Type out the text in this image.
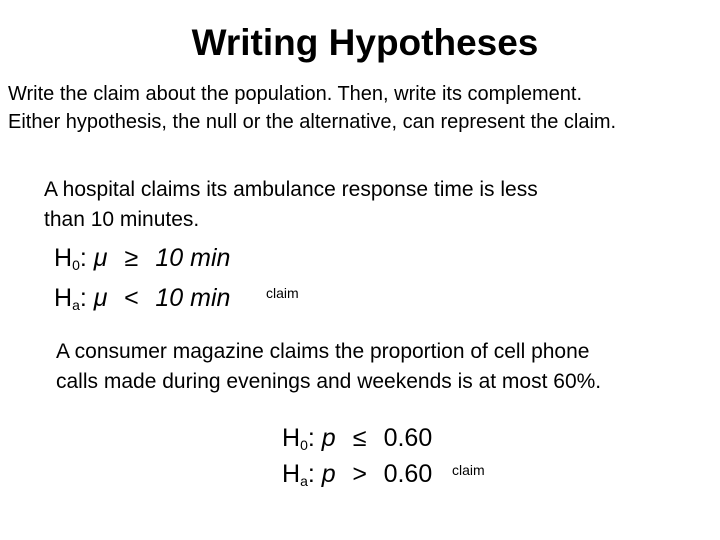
Writing Hypotheses
Write the claim about the population. Then, write its complement.
Either hypothesis, the null or the alternative, can represent the claim.
A hospital claims its ambulance response time is less
than 10 minutes.
$H_0$: μ ≥ 10 min
$H_a$: μ < 10 min	claim
A consumer magazine claims the proportion of cell phone
calls made during evenings and weekends is at most 60%.
$H_0$: p ≤ 0.60
$H_a$: p > 0.60 claim
